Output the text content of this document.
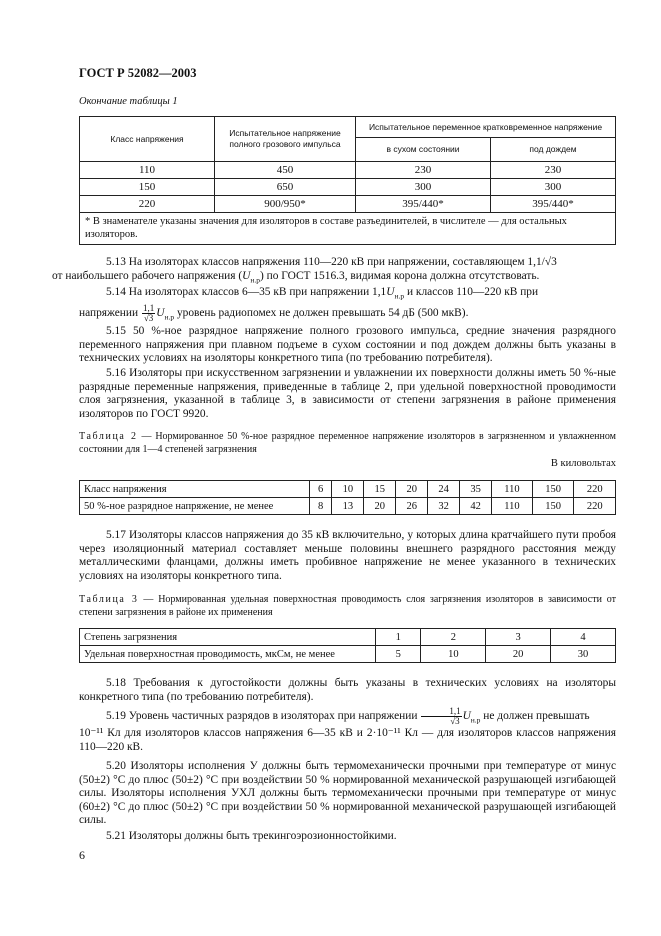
ГОСТ Р 52082—2003
Окончание таблицы 1
Класс напряжения	Испытательное напряжение полного грозового импульса	Испытательное переменное кратковременное напряжение	
		в сухом состоянии	под дождем
110	450	230	230
150	650	300	300
220	900/950*	395/440*	395/440*
* В знаменателе указаны значения для изоляторов в составе разъединителей, в числителе — для остальных изоляторов.			

5.13 На изоляторах классов напряжения 110—220 кВ при напряжении, составляющем 1,1/√3
от наибольшего рабочего напряжения $(U_{н.р})$ по ГОСТ 1516.3, видимая корона должна отсутствовать.

5.14 На изоляторах классов 6—35 кВ при напряжении $1,1U_{н.р}$ и классов 110—220 кВ при

напряжении $\frac{1,1}{√3} U_{н.р}$ уровень радиопомех не должен превышать 54 дБ (500 мкВ).

5.15 50 %-ное разрядное напряжение полного грозового импульса, средние значения разрядного переменного напряжения при плавном подъеме в сухом состоянии и под дождем должны быть указаны в технических условиях на изоляторы конкретного типа (по требованию потребителя).

5.16 Изоляторы при искусственном загрязнении и увлажнении их поверхности должны иметь 50 %-ные разрядные переменные напряжения, приведенные в таблице 2, при удельной поверхностной проводимости слоя загрязнения, указанной в таблице 3, в зависимости от степени загрязнения в районе применения изоляторов по ГОСТ 9920.

Таблица 2 — Нормированное 50 %-ное разрядное переменное напряжение изоляторов в загрязненном и увлажненном состоянии для 1—4 степеней загрязнения
В киловольтах
Класс напряжения	6	10	15	20	24	35	110	150	220
50 %-ное разрядное напряжение, не менее	8	13	20	26	32	42	110	150	220

5.17 Изоляторы классов напряжения до 35 кВ включительно, у которых длина кратчайшего пути пробоя через изоляционный материал составляет меньше половины внешнего разрядного расстояния между металлическими фланцами, должны иметь пробивное напряжение не менее указанного в технических условиях на изоляторы конкретного типа.

Таблица 3 — Нормированная удельная поверхностная проводимость слоя загрязнения изоляторов в зависимости от степени загрязнения в районе их применения
Степень загрязнения	1	2	3	4
Удельная поверхностная проводимость, мкСм, не менее	5	10	20	30

5.18 Требования к дугостойкости должны быть указаны в технических условиях на изоляторы конкретного типа (по требованию потребителя).

5.19 Уровень частичных разрядов в изоляторах при напряжении $\frac{1,1}{√3} U_{н.р}$ не должен превышать

10⁻¹¹ Кл для изоляторов классов напряжения 6—35 кВ и 2·10⁻¹¹ Кл — для изоляторов классов напряжения 110—220 кВ.

5.20 Изоляторы исполнения У должны быть термомеханически прочными при температуре от минус (50±2) °С до плюс (50±2) °С при воздействии 50 % нормированной механической разрушающей изгибающей силы. Изоляторы исполнения УХЛ должны быть термомеханически прочными при температуре от минус (60±2) °С до плюс (50±2) °С при воздействии 50 % нормированной механической разрушающей изгибающей силы.

5.21 Изоляторы должны быть трекингоэрозионностойкими.

6
